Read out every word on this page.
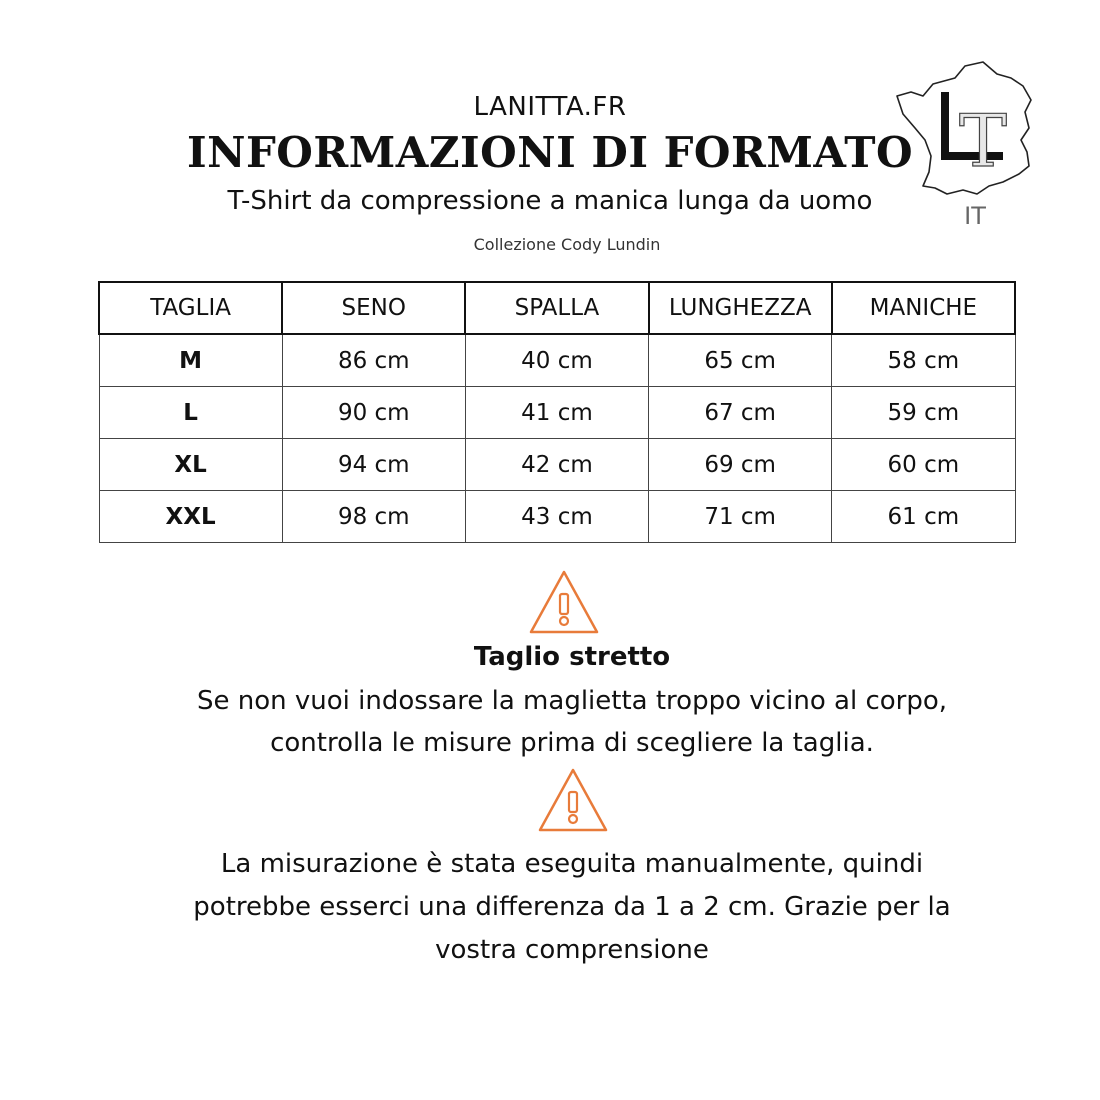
LANITTA.FR
INFORMAZIONI DI FORMATO
T-Shirt da compressione a manica lunga da uomo
Collezione Cody Lundin
T
IT
TAGLIA	SENO	SPALLA	LUNGHEZZA	MANICHE
M	86 cm	40 cm	65 cm	58 cm
L	90 cm	41 cm	67 cm	59 cm
XL	94 cm	42 cm	69 cm	60 cm
XXL	98 cm	43 cm	71 cm	61 cm
Taglio stretto
Se non vuoi indossare la maglietta troppo vicino al corpo,
controlla le misure prima di scegliere la taglia.
La misurazione è stata eseguita manualmente, quindi
potrebbe esserci una differenza da 1 a 2 cm. Grazie per la
vostra comprensione
